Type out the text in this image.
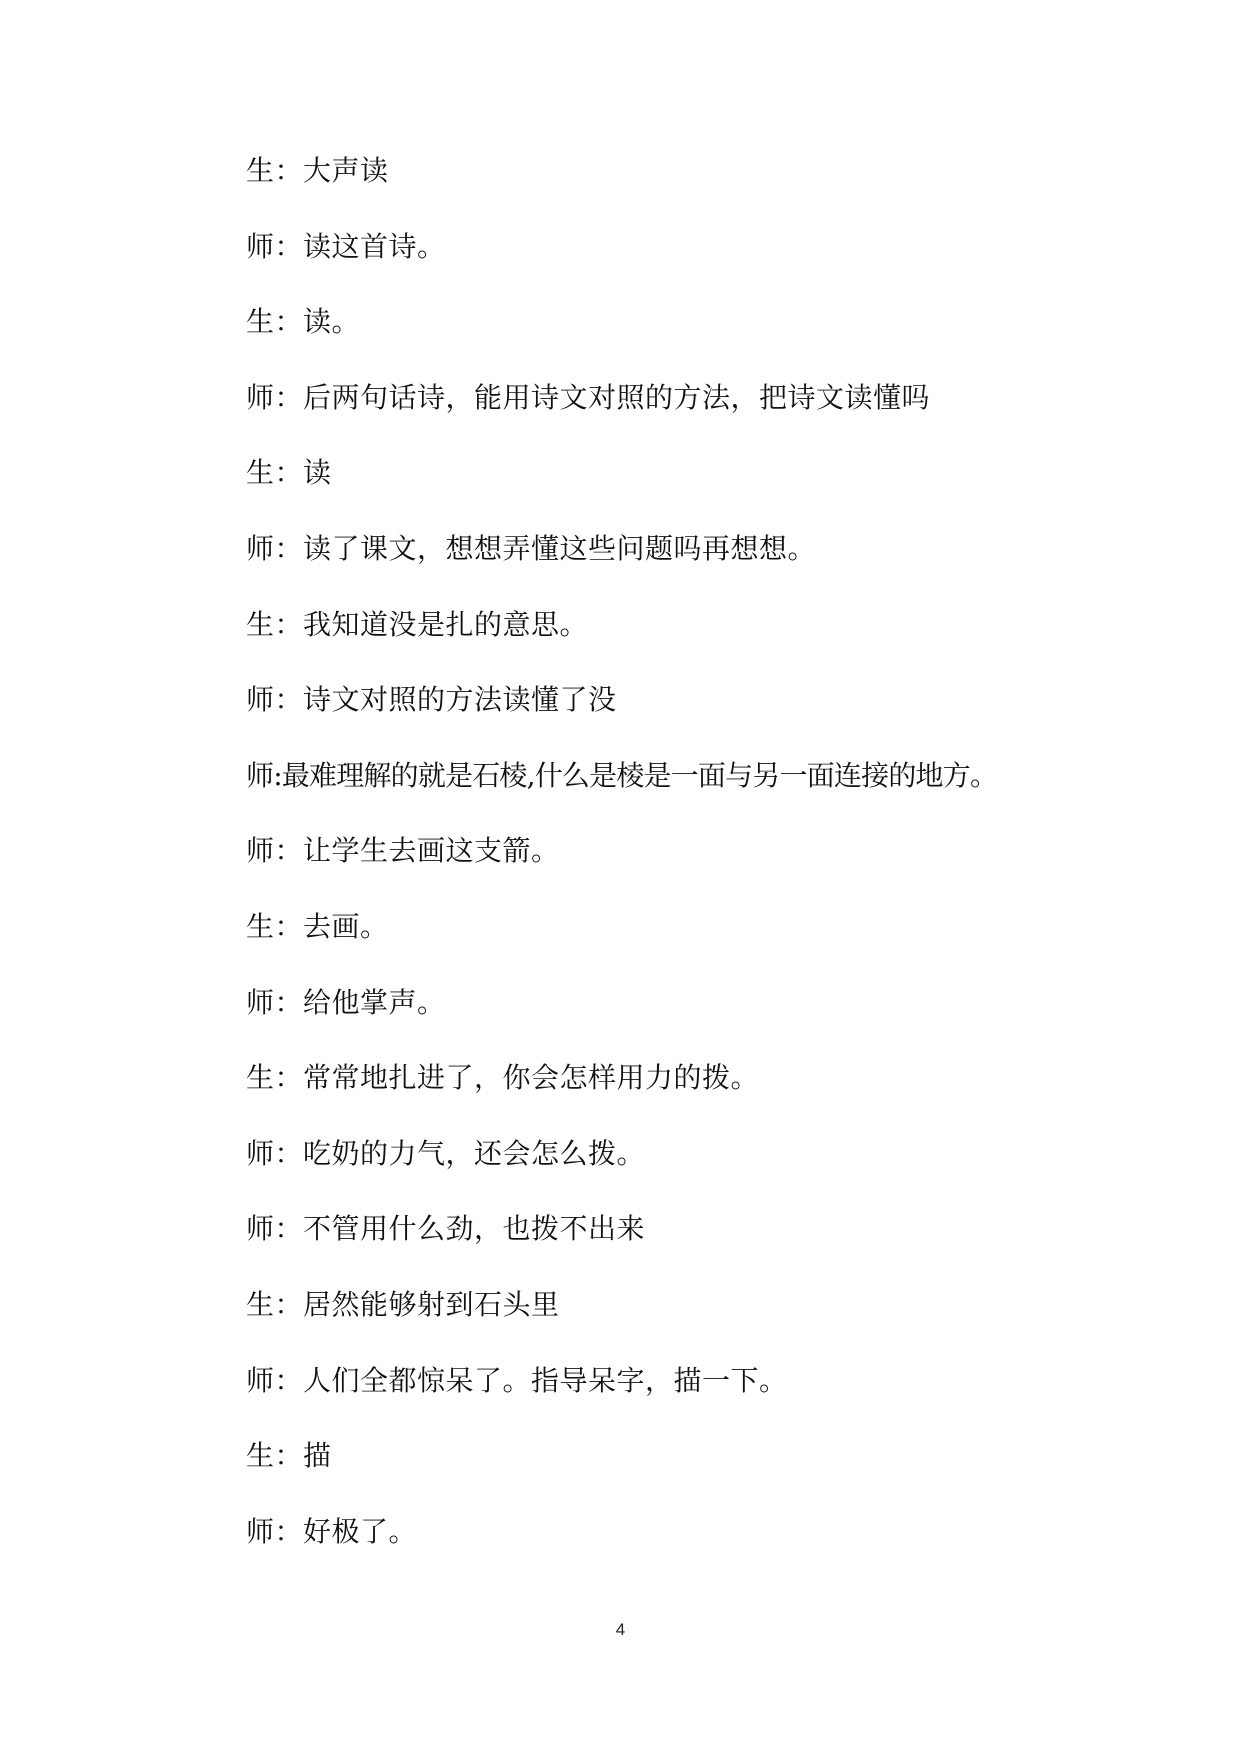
生：大声读
师：读这首诗。
生：读。
师：后两句话诗，能用诗文对照的方法，把诗文读懂吗
生：读
师：读了课文，想想弄懂这些问题吗再想想。
生：我知道没是扎的意思。
师：诗文对照的方法读懂了没
师:最难理解的就是石棱,什么是棱是一面与另一面连接的地方。
师：让学生去画这支箭。
生：去画。
师：给他掌声。
生：常常地扎进了，你会怎样用力的拨。
师：吃奶的力气，还会怎么拨。
师：不管用什么劲，也拨不出来
生：居然能够射到石头里
师：人们全都惊呆了。指导呆字，描一下。
生：描
师：好极了。
4
